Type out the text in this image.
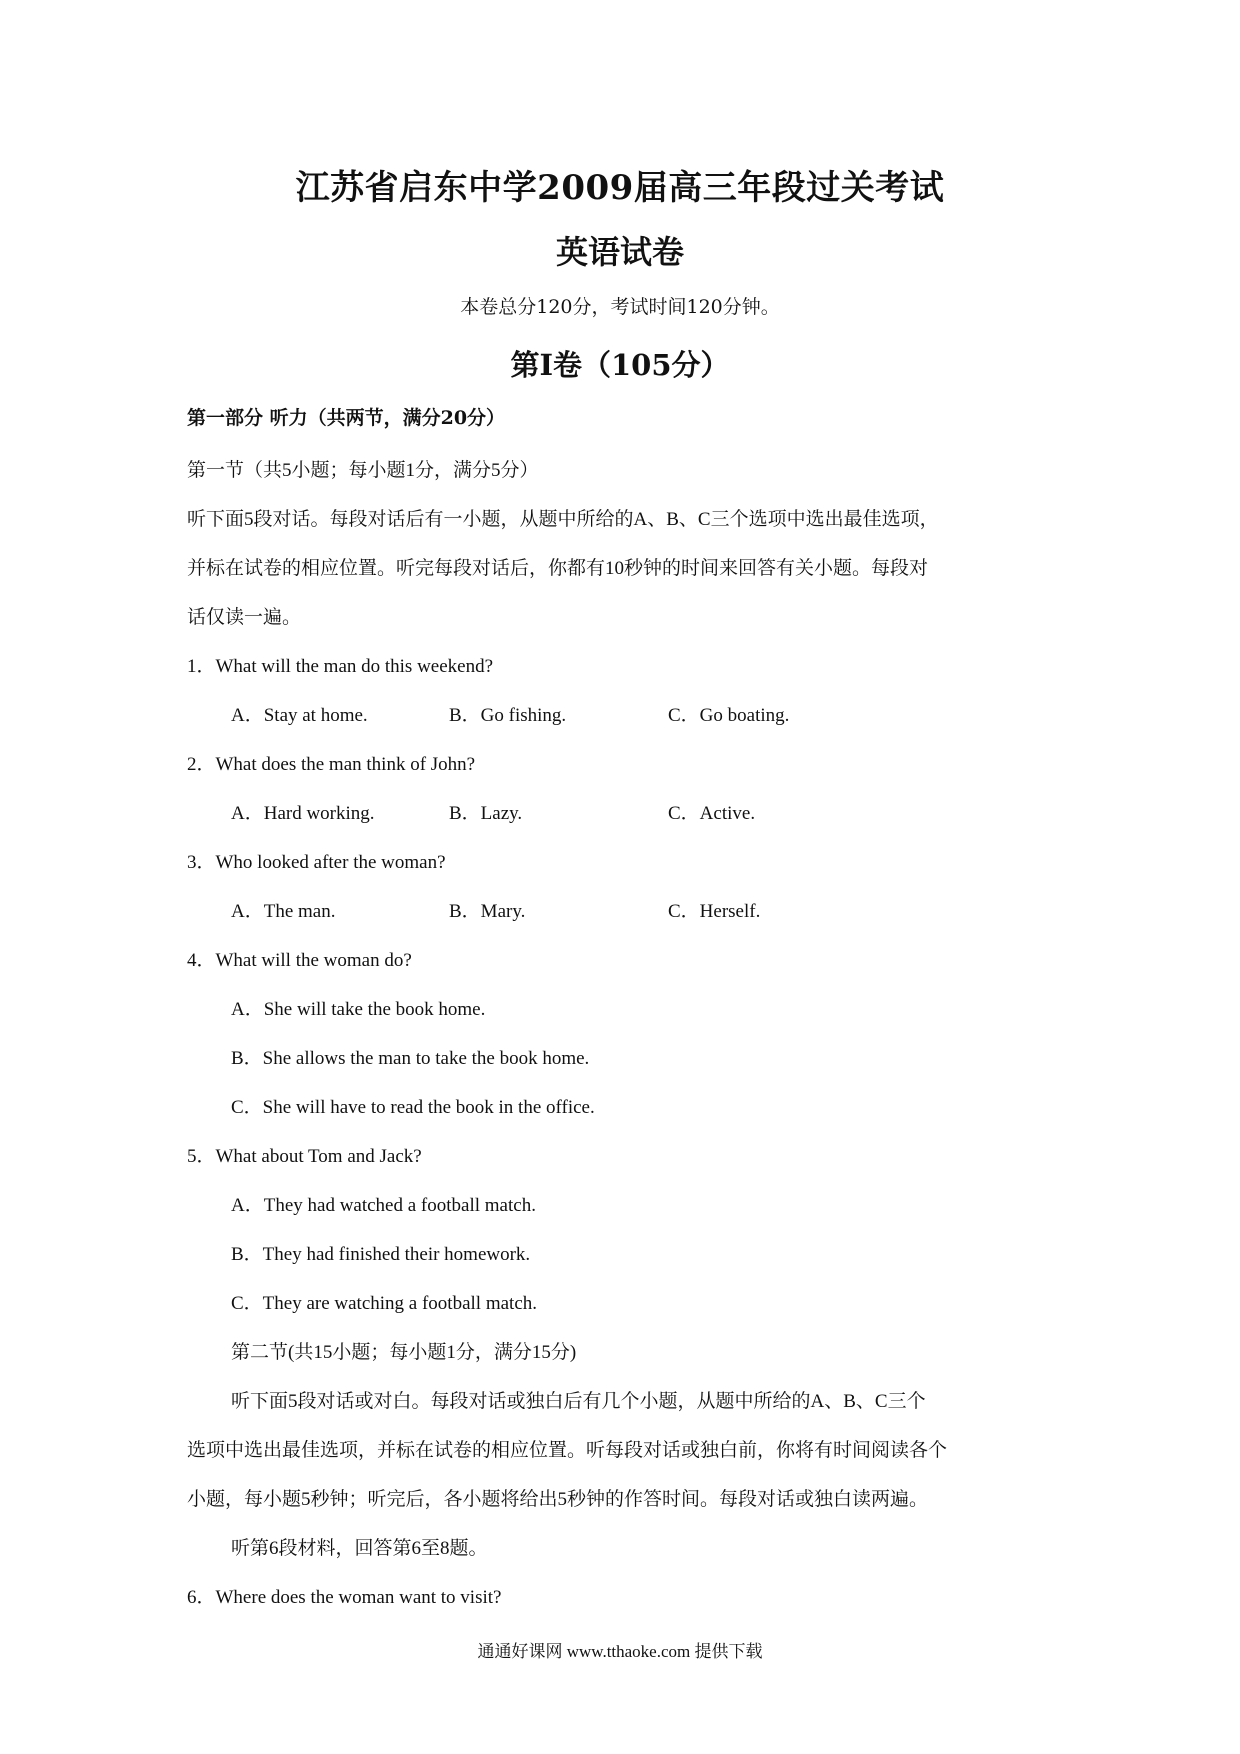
江苏省启东中学2009届高三年段过关考试
英语试卷
本卷总分120分，考试时间120分钟。
第I卷（105分）
第一部分 听力（共两节，满分20分）
第一节（共5小题；每小题1分，满分5分）
听下面5段对话。每段对话后有一小题，从题中所给的A、B、C三个选项中选出最佳选项，
并标在试卷的相应位置。听完每段对话后，你都有10秒钟的时间来回答有关小题。每段对
话仅读一遍。
1．What will the man do this weekend?
A．Stay at home.	B．Go fishing.	C．Go boating.
2．What does the man think of John?
A．Hard working.	B．Lazy.	C．Active.
3．Who looked after the woman?
A．The man.	B．Mary.	C．Herself.
4．What will the woman do?
A．She will take the book home.
B．She allows the man to take the book home.
C．She will have to read the book in the office.
5．What about Tom and Jack?
A．They had watched a football match.
B．They had finished their homework.
C．They are watching a football match.
第二节(共15小题；每小题1分，满分15分)
听下面5段对话或对白。每段对话或独白后有几个小题，从题中所给的A、B、C三个
选项中选出最佳选项，并标在试卷的相应位置。听每段对话或独白前，你将有时间阅读各个
小题，每小题5秒钟；听完后，各小题将给出5秒钟的作答时间。每段对话或独白读两遍。
听第6段材料，回答第6至8题。
6．Where does the woman want to visit?
通通好课网 www.tthaoke.com 提供下载
